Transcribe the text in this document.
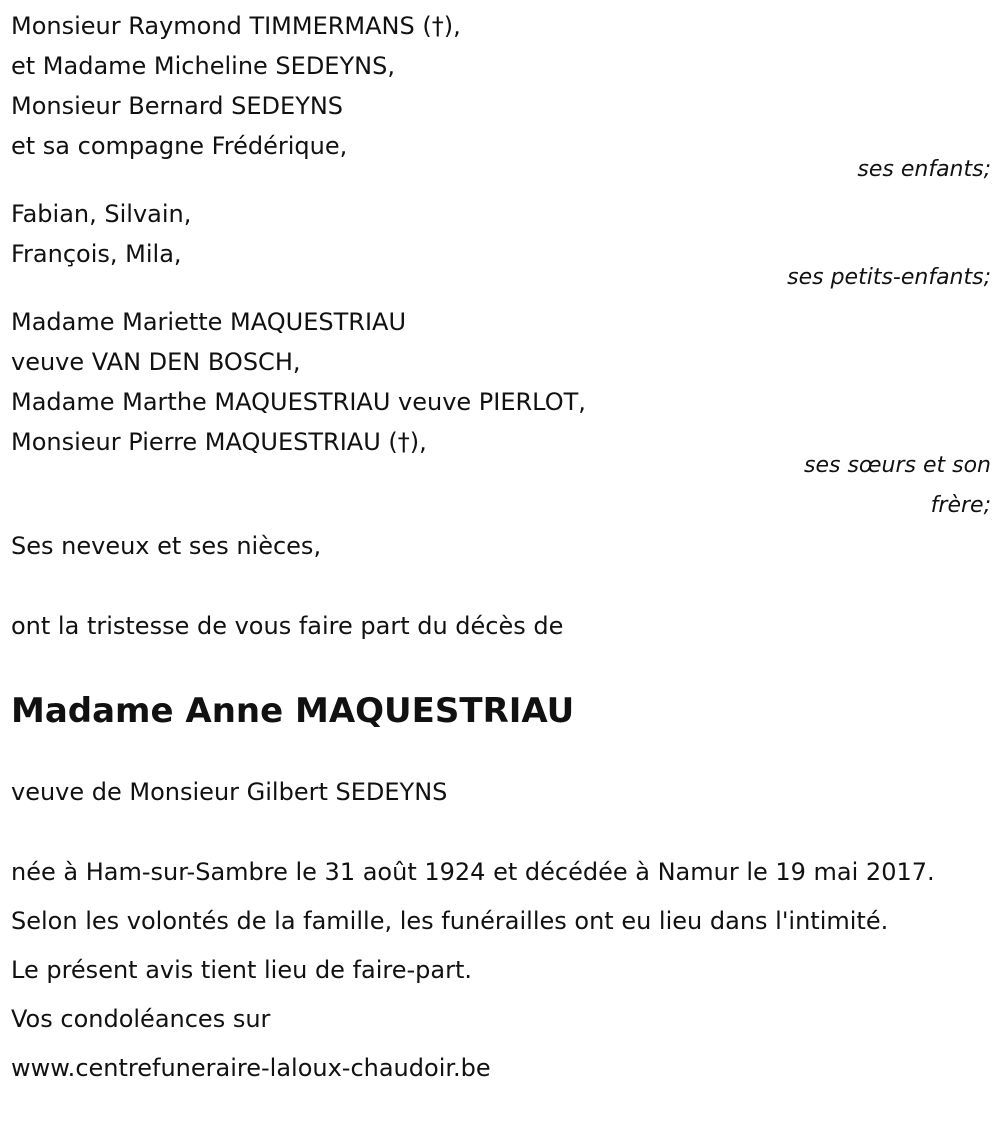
Monsieur Raymond TIMMERMANS (†),
et Madame Micheline SEDEYNS,
Monsieur Bernard SEDEYNS
et sa compagne Frédérique,
ses enfants;
Fabian, Silvain,
François, Mila,
ses petits-enfants;
Madame Mariette MAQUESTRIAU
veuve VAN DEN BOSCH,
Madame Marthe MAQUESTRIAU veuve PIERLOT,
Monsieur Pierre MAQUESTRIAU (†),
ses sœurs et son
frère;
Ses neveux et ses nièces,
ont la tristesse de vous faire part du décès de
Madame Anne MAQUESTRIAU
veuve de Monsieur Gilbert SEDEYNS
née à Ham-sur-Sambre le 31 août 1924 et décédée à Namur le 19 mai 2017.
Selon les volontés de la famille, les funérailles ont eu lieu dans l'intimité.
Le présent avis tient lieu de faire-part.
Vos condoléances sur
www.centrefuneraire-laloux-chaudoir.be
